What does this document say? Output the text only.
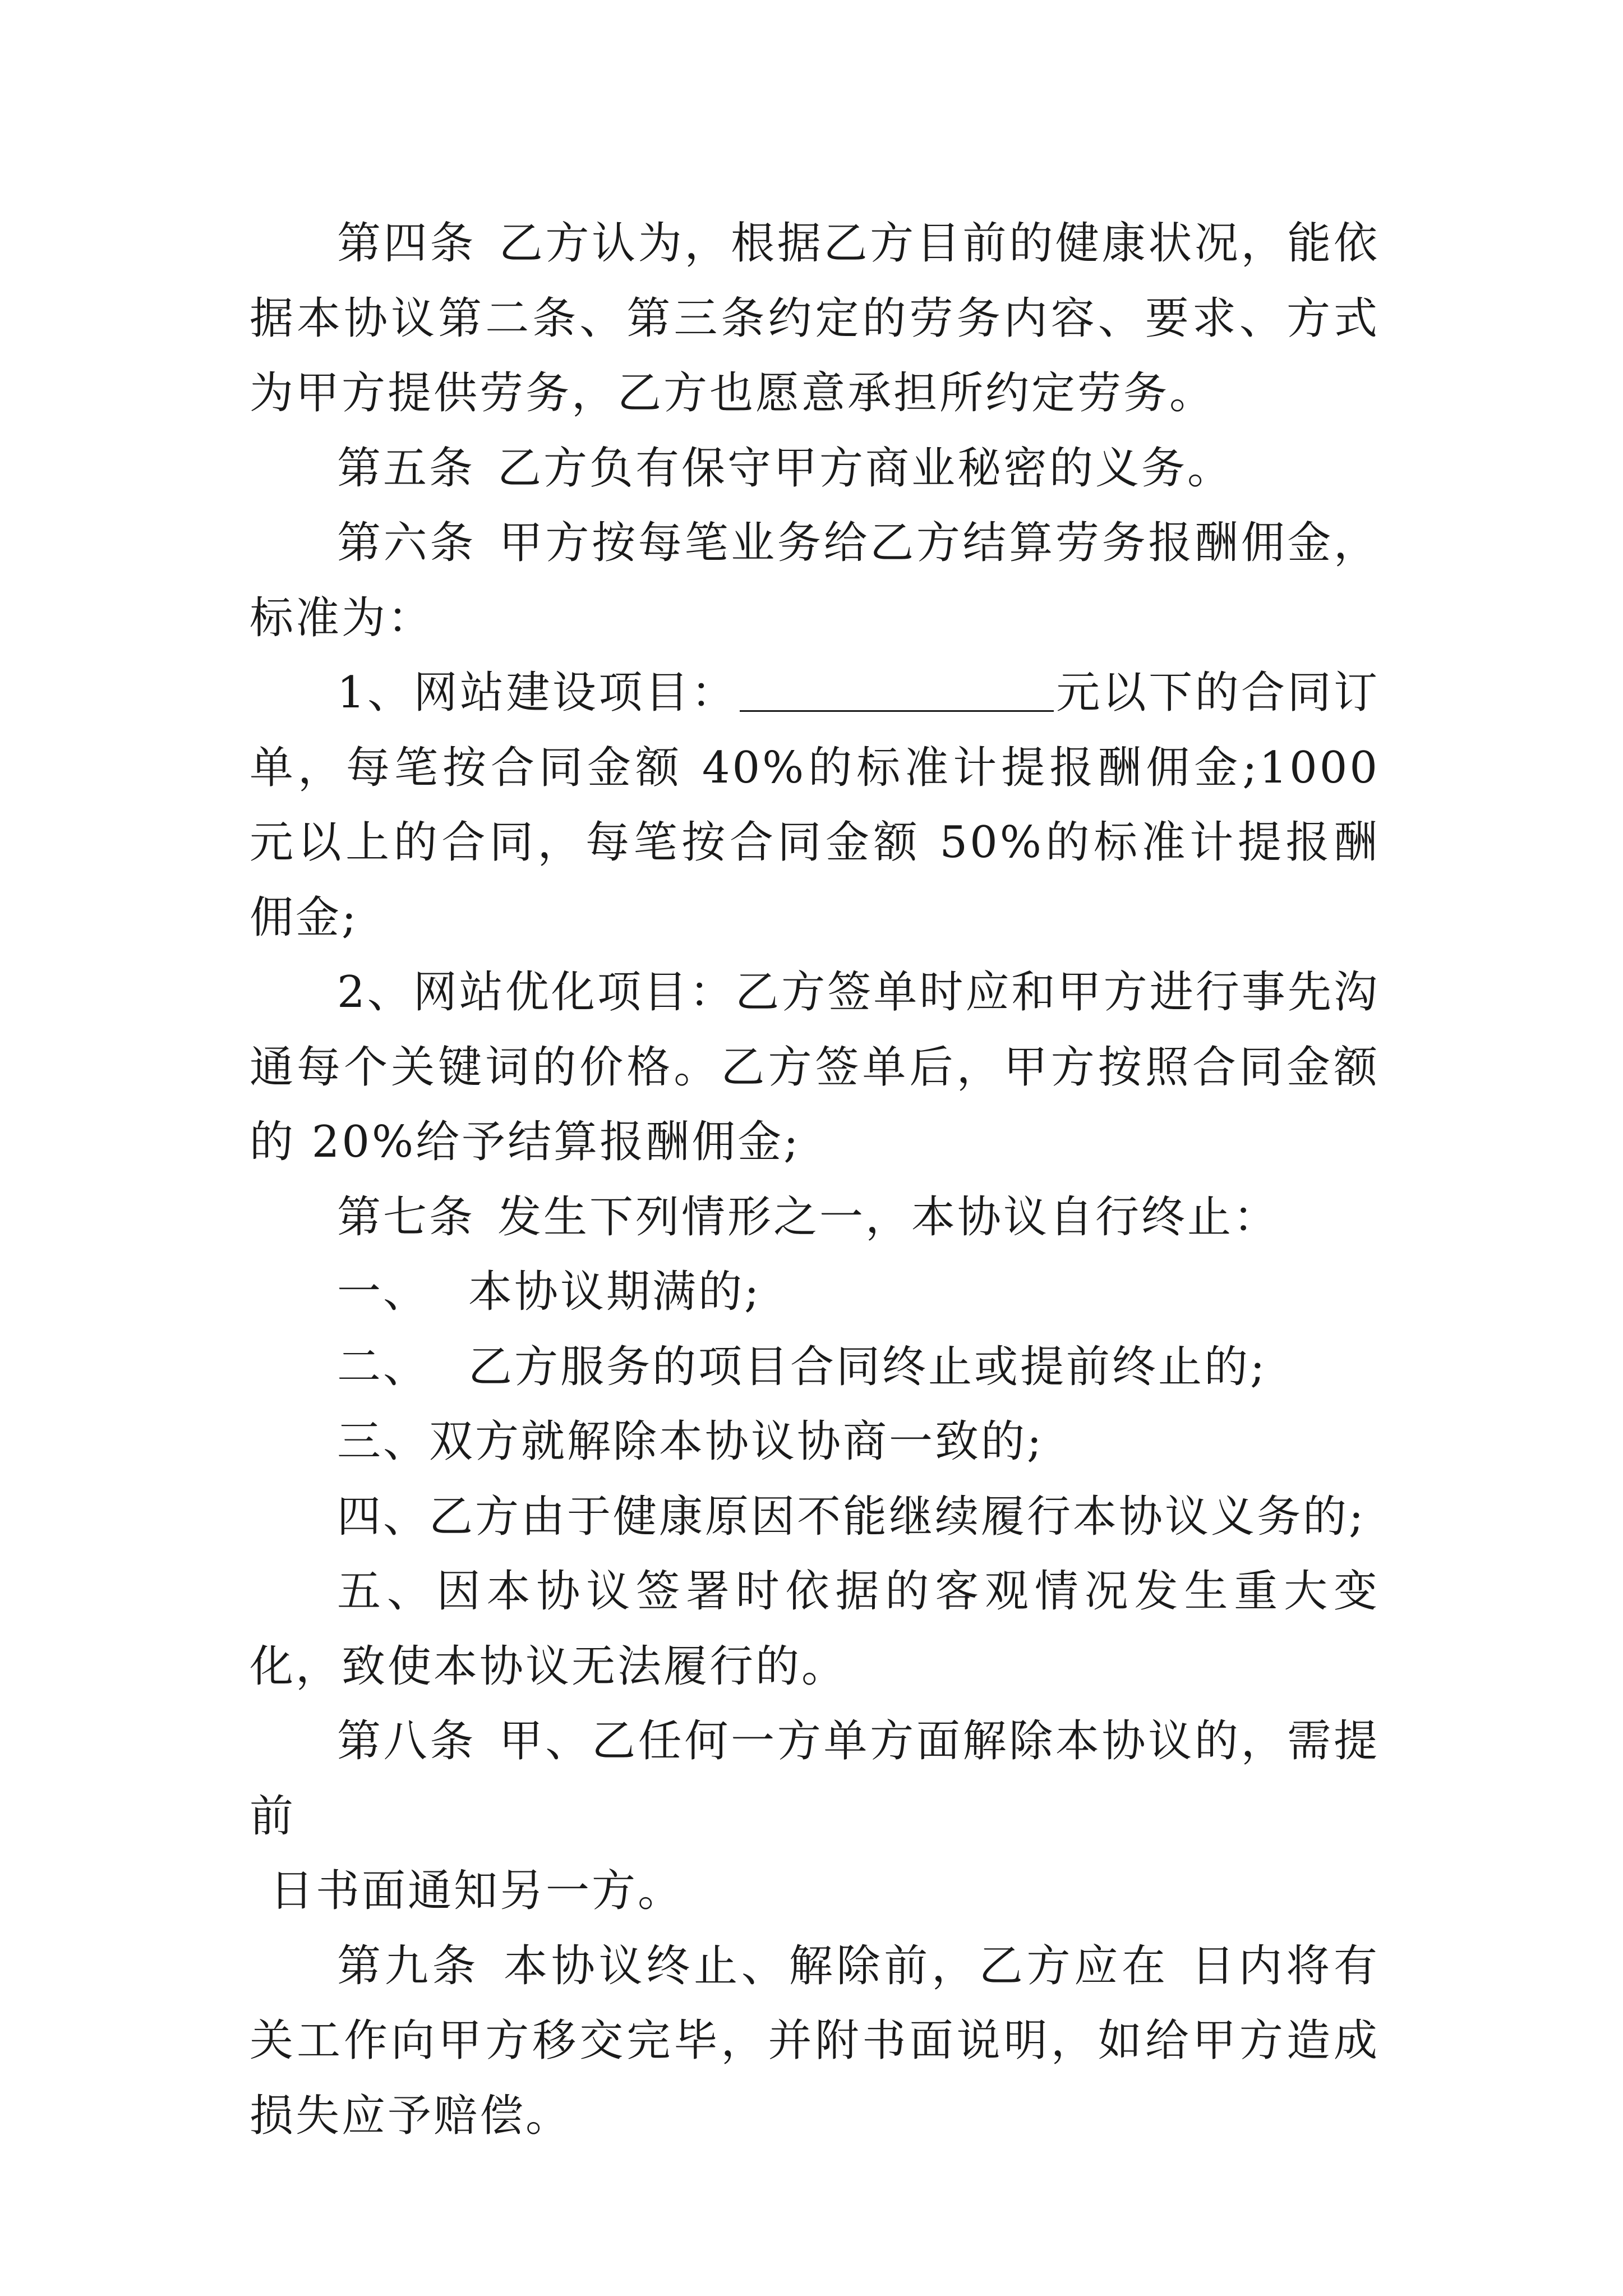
第四条 乙方认为，根据乙方目前的健康状况，能依据本协议第二条、第三条约定的劳务内容、要求、方式为甲方提供劳务，乙方也愿意承担所约定劳务。

第五条 乙方负有保守甲方商业秘密的义务。

第六条 甲方按每笔业务给乙方结算劳务报酬佣金，标准为：

1、网站建设项目：	元以下的合同订单，每笔按合同金额 40%的标准计提报酬佣金;1000 元以上的合同，每笔按合同金额 50%的标准计提报酬佣金;

2、网站优化项目：乙方签单时应和甲方进行事先沟通每个关键词的价格。乙方签单后，甲方按照合同金额的 20%给予结算报酬佣金;

第七条 发生下列情形之一，本协议自行终止：

一、 本协议期满的;

二、 乙方服务的项目合同终止或提前终止的;

三、双方就解除本协议协商一致的;

四、乙方由于健康原因不能继续履行本协议义务的;

五、因本协议签署时依据的客观情况发生重大变化，致使本协议无法履行的。

第八条 甲、乙任何一方单方面解除本协议的，需提前
日书面通知另一方。

第九条 本协议终止、解除前，乙方应在 日内将有关工作向甲方移交完毕，并附书面说明，如给甲方造成损失应予赔偿。
